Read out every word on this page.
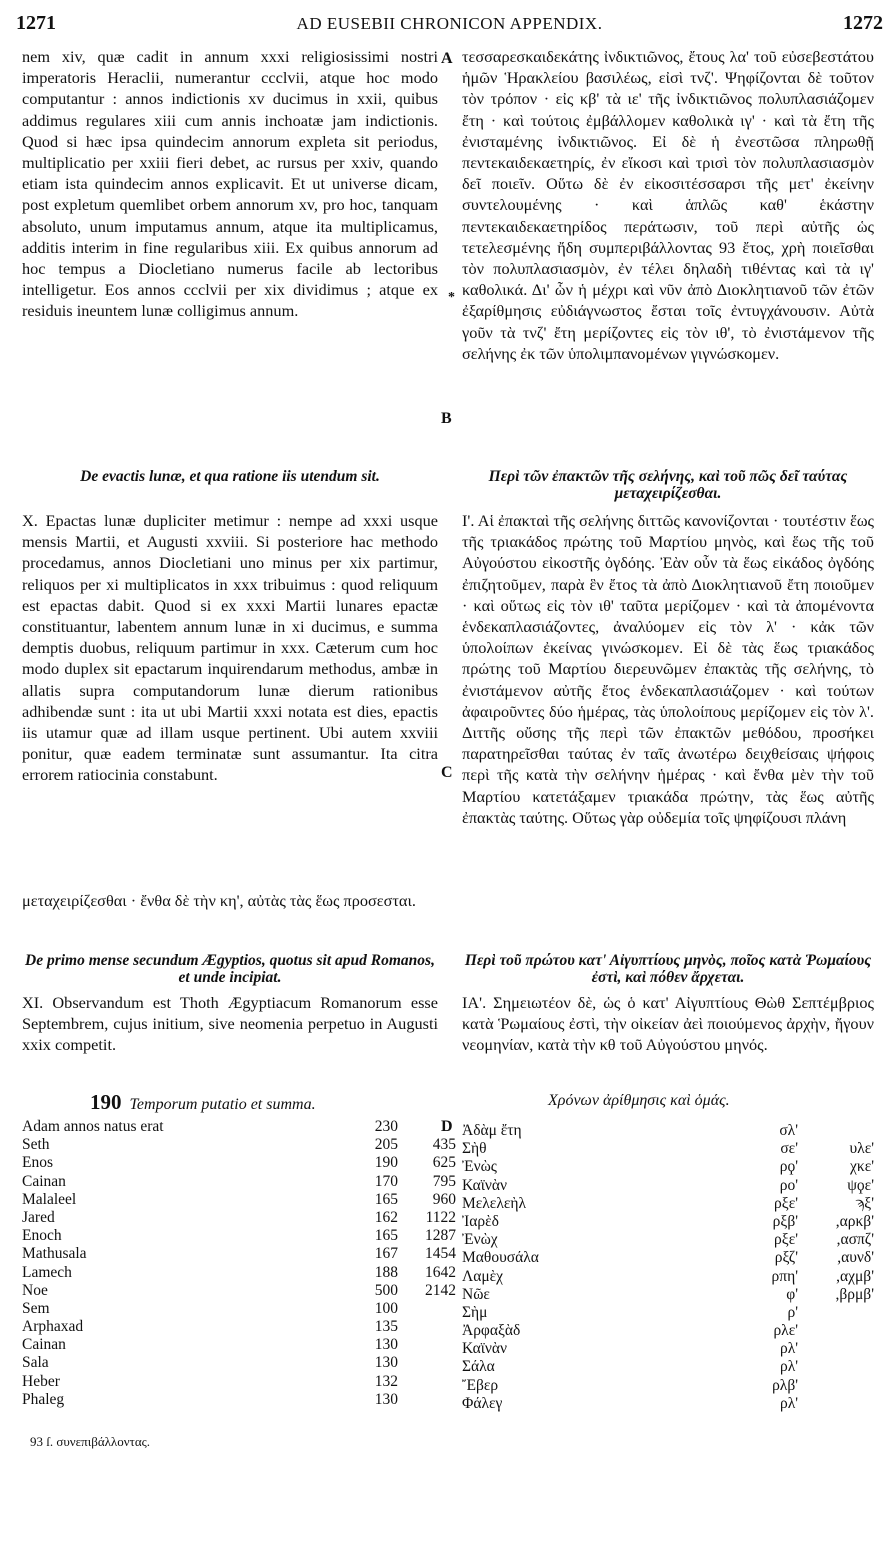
1271	AD EUSEBII CHRONICON APPENDIX.	1272
A
B
C
D
*

nem xiv, quæ cadit in annum xxxi religiosissimi nostri imperatoris Heraclii, numerantur ccclvii, atque hoc modo computantur : annos indictionis xv ducimus in xxii, quibus addimus regulares xiii cum annis inchoatæ jam indictionis. Quod si hæc ipsa quindecim annorum expleta sit periodus, multiplicatio per xxiii fieri debet, ac rursus per xxiv, quando etiam ista quindecim annos explicavit. Et ut universe dicam, post expletum quemlibet orbem annorum xv, pro hoc, tanquam absoluto, unum imputamus annum, atque ita multiplicamus, additis interim in fine regularibus xiii. Ex quibus annorum ad hoc tempus a Diocletiano numerus facile ab lectoribus intelligetur. Eos annos ccclvii per xix dividimus ; atque ex residuis ineuntem lunæ colligimus annum.

De evactis lunæ, et qua ratione iis utendum sit.

X. Epactas lunæ dupliciter metimur : nempe ad xxxi usque mensis Martii, et Augusti xxviii. Si posteriore hac methodo procedamus, annos Diocletiani uno minus per xix partimur, reliquos per xi multiplicatos in xxx tribuimus : quod reliquum est epactas dabit. Quod si ex xxxi Martii lunares epactæ constituantur, labentem annum lunæ in xi ducimus, e summa demptis duobus, reliquum partimur in xxx. Cæterum cum hoc modo duplex sit epactarum inquirendarum methodus, ambæ in allatis supra computandorum lunæ dierum rationibus adhibendæ sunt : ita ut ubi Martii xxxi notata est dies, epactis iis utamur quæ ad illam usque pertinent. Ubi autem xxviii ponitur, quæ eadem terminatæ sunt assumantur. Ita citra errorem ratiocinia constabunt.

μεταχειρίζεσθαι · ἔνθα δὲ τὴν κη', αὐτὰς τὰς ἕως προσεσται.
De primo mense secundum Ægyptios, quotus sit apud Romanos, et unde incipiat.

XI. Observandum est Thoth Ægyptiacum Romanorum esse Septembrem, cujus initium, sive neomenia perpetuo in Augusti xxix competit.

190 Temporum putatio et summa.
Adam annos natus erat	230
Seth	205	435
Enos	190	625
Cainan	170	795
Malaleel	165	960
Jared	162	1122
Enoch	165	1287
Mathusala	167	1454
Lamech	188	1642
Noe	500	2142
Sem	100
Arphaxad	135
Cainan	130
Sala	130
Heber	132
Phaleg	130

τεσσαρεσκαιδεκάτης ἰνδικτιῶνος, ἔτους λα' τοῦ εὐσεβεστάτου ἡμῶν Ἡρακλείου βασιλέως, εἰσὶ τνζ'. Ψηφίζονται δὲ τοῦτον τὸν τρόπον · εἰς κβ' τὰ ιε' τῆς ἰνδικτιῶνος πολυπλασιάζομεν ἔτη · καὶ τούτοις ἐμβάλλομεν καθολικὰ ιγ' · καὶ τὰ ἔτη τῆς ἐνισταμένης ἰνδικτιῶνος. Εἰ δὲ ἡ ἐνεστῶσα πληρωθῇ πεντεκαιδεκαετηρίς, ἐν εἴκοσι καὶ τρισὶ τὸν πολυπλασιασμὸν δεῖ ποιεῖν. Οὕτω δὲ ἐν εἰκοσιτέσσαρσι τῆς μετ' ἐκείνην συντελουμένης · καὶ ἁπλῶς καθ' ἑκάστην πεντεκαιδεκαετηρίδος περάτωσιν, τοῦ περὶ αὐτῆς ὡς τετελεσμένης ἤδη συμπεριβάλλοντας 93 ἔτος, χρὴ ποιεῖσθαι τὸν πολυπλασιασμὸν, ἐν τέλει δηλαδὴ τιθέντας καὶ τὰ ιγ' καθολικά. Δι' ὧν ἡ μέχρι καὶ νῦν ἀπὸ Διοκλητιανοῦ τῶν ἐτῶν ἐξαρίθμησις εὐδιάγνωστος ἔσται τοῖς ἐντυγχάνουσιν. Αὐτὰ γοῦν τὰ τνζ' ἔτη μερίζοντες εἰς τὸν ιθ', τὸ ἐνιστάμενον τῆς σελήνης ἐκ τῶν ὑπολιμπανομένων γιγνώσκομεν.

Περὶ τῶν ἐπακτῶν τῆς σελήνης, καὶ τοῦ πῶς δεῖ ταύτας μεταχειρίζεσθαι.

Ι'. Αἱ ἐπακταὶ τῆς σελήνης διττῶς κανονίζονται · τουτέστιν ἕως τῆς τριακάδος πρώτης τοῦ Μαρτίου μηνὸς, καὶ ἕως τῆς τοῦ Αὐγούστου εἰκοστῆς ὀγδόης. Ἐὰν οὖν τὰ ἕως εἰκάδος ὀγδόης ἐπιζητοῦμεν, παρὰ ἓν ἔτος τὰ ἀπὸ Διοκλητιανοῦ ἔτη ποιοῦμεν · καὶ οὕτως εἰς τὸν ιθ' ταῦτα μερίζομεν · καὶ τὰ ἀπομένοντα ἑνδεκαπλασιάζοντες, ἀναλύομεν εἰς τὸν λ' · κἀκ τῶν ὑπολοίπων ἐκείνας γινώσκομεν. Εἰ δὲ τὰς ἕως τριακάδος πρώτης τοῦ Μαρτίου διερευνῶμεν ἐπακτὰς τῆς σελήνης, τὸ ἐνιστάμενον αὐτῆς ἔτος ἑνδεκαπλασιάζομεν · καὶ τούτων ἀφαιροῦντες δύο ἡμέρας, τὰς ὑπολοίπους μερίζομεν εἰς τὸν λ'. Διττῆς οὔσης τῆς περὶ τῶν ἐπακτῶν μεθόδου, προσήκει παρατηρεῖσθαι ταύτας ἐν ταῖς ἀνωτέρω δειχθείσαις ψήφοις περὶ τῆς κατὰ τὴν σελήνην ἡμέρας · καὶ ἔνθα μὲν τὴν τοῦ Μαρτίου κατετάξαμεν τριακάδα πρώτην, τὰς ἕως αὐτῆς ἐπακτὰς ταύτης. Οὕτως γὰρ οὐδεμία τοῖς ψηφίζουσι πλάνη

Περὶ τοῦ πρώτου κατ' Αἰγυπτίους μηνὸς, ποῖος κατὰ Ῥωμαίους ἐστὶ, καὶ πόθεν ἄρχεται.

ΙΑ'. Σημειωτέον δὲ, ὡς ὁ κατ' Αἰγυπτίους Θὼθ Σεπτέμβριος κατὰ Ῥωμαίους ἐστὶ, τὴν οἰκείαν ἀεὶ ποιούμενος ἀρχὴν, ἤγουν νεομηνίαν, κατὰ τὴν κθ τοῦ Αὐγούστου μηνός.

Χρόνων ἀρίθμησις καὶ ὁμάς.
Ἀδὰμ ἔτη	σλ'
Σὴθ	σε'	υλε'
Ἐνὼς	ρϙ'	χκε'
Καϊνὰν	ρο'	ψϙε'
Μελελεὴλ	ρξε'	ϡξ'
Ἰαρὲδ	ρξβ'	,αρκβ'
Ἐνὼχ	ρξε'	,ασπζ'
Μαθουσάλα	ρξζ'	,αυνδ'
Λαμὲχ	ρπη'	,αχμβ'
Νῶε	φ'	,βρμβ'
Σὴμ	ρ'
Ἀρφαξὰδ	ρλε'
Καϊνὰν	ρλ'
Σάλα	ρλ'
Ἔβερ	ρλβ'
Φάλεγ	ρλ'
93 ſ. συνεπιβάλλοντας.
